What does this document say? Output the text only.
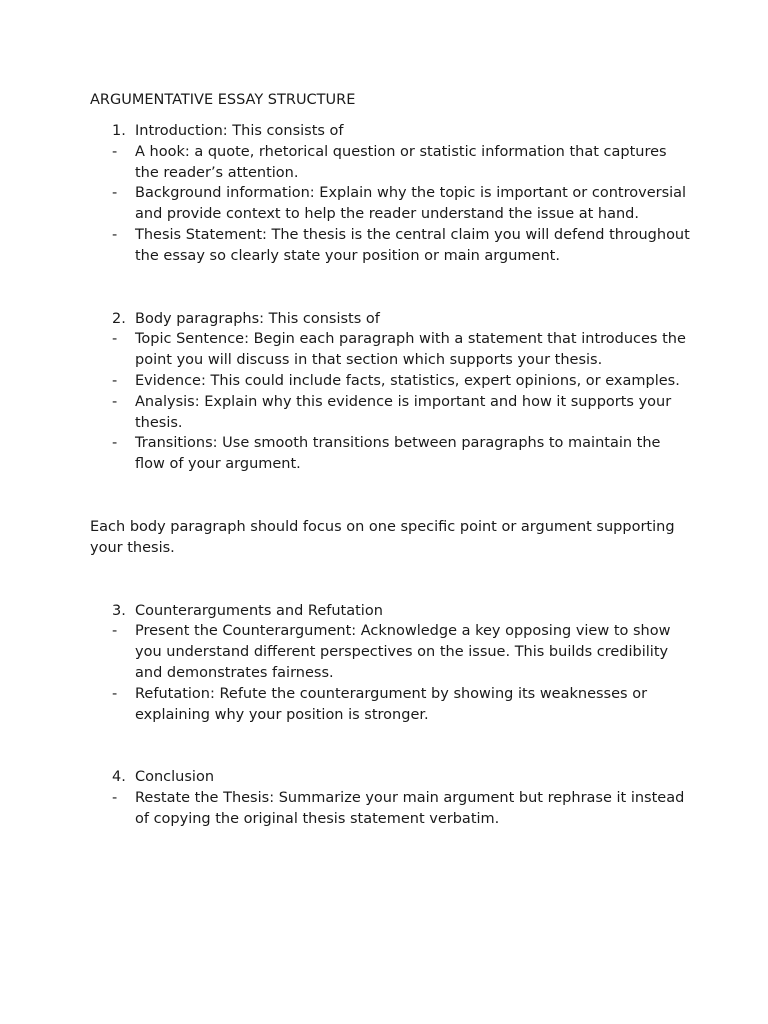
ARGUMENTATIVE ESSAY STRUCTURE
1. Introduction: This consists of
- A hook: a quote, rhetorical question or statistic information that captures the reader’s attention.
- Background information: Explain why the topic is important or controversial and provide context to help the reader understand the issue at hand.
- Thesis Statement: The thesis is the central claim you will defend throughout the essay so clearly state your position or main argument.
2. Body paragraphs: This consists of
- Topic Sentence: Begin each paragraph with a statement that introduces the point you will discuss in that section which supports your thesis.
- Evidence: This could include facts, statistics, expert opinions, or examples.
- Analysis: Explain why this evidence is important and how it supports your thesis.
- Transitions: Use smooth transitions between paragraphs to maintain the flow of your argument.

Each body paragraph should focus on one specific point or argument supporting your thesis.

3. Counterarguments and Refutation
- Present the Counterargument: Acknowledge a key opposing view to show you understand different perspectives on the issue. This builds credibility and demonstrates fairness.
- Refutation: Refute the counterargument by showing its weaknesses or explaining why your position is stronger.
4. Conclusion
- Restate the Thesis: Summarize your main argument but rephrase it instead of copying the original thesis statement verbatim.
